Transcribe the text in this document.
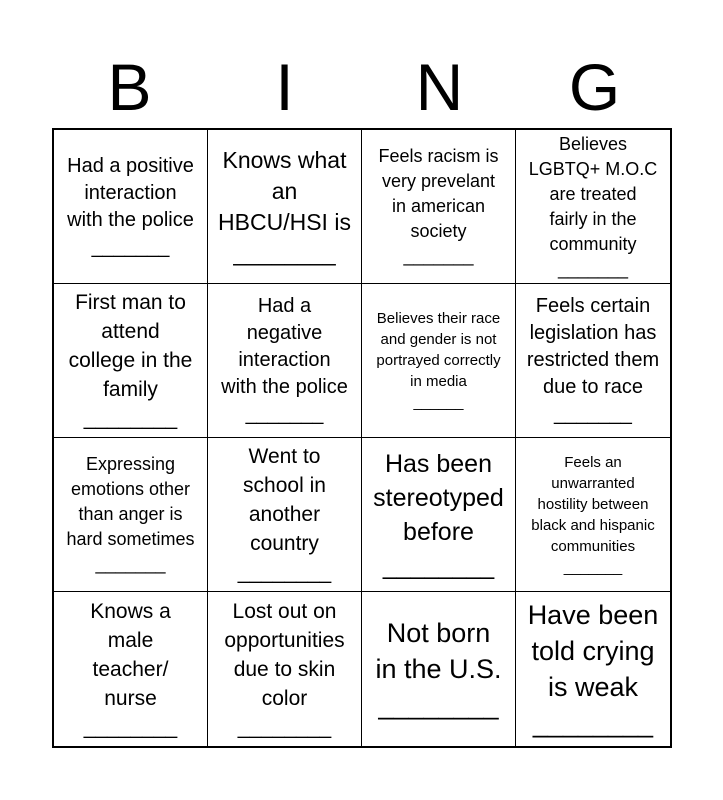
B	I	N	G
Had a positive
interaction
with the police
_______
Knows what
an
HBCU/HSI is
________
Feels racism is
very prevelant
in american
society
_______
Believes
LGBTQ+ M.O.C
are treated
fairly in the
community
_______
First man to
attend
college in the
family
________
Had a
negative
interaction
with the police
_______
Believes their race
and gender is not
portrayed correctly
in media
______
Feels certain
legislation has
restricted them
due to race
_______
Expressing
emotions other
than anger is
hard sometimes
_______
Went to
school in
another
country
________
Has been
stereotyped
before
________
Feels an
unwarranted
hostility between
black and hispanic
communities
_______
Knows a
male
teacher/
nurse
________
Lost out on
opportunities
due to skin
color
________
Not born
in the U.S.
________
Have been
told crying
is weak
________
